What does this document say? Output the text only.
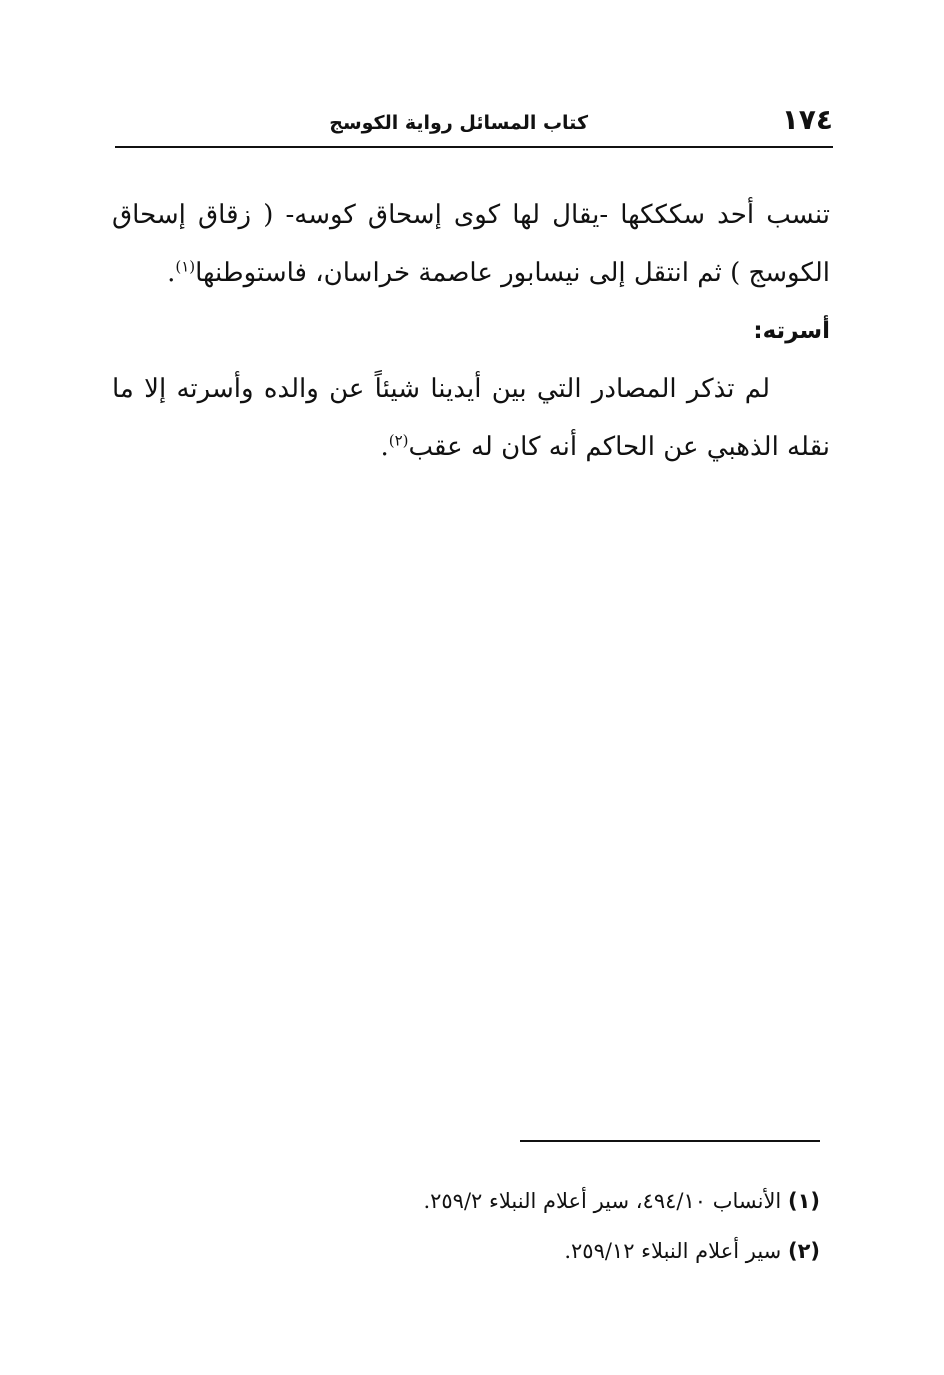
١٧٤
كتاب المسائل رواية الكوسج

تنسب أحد سكككها -يقال لها كوى إسحاق كوسه- ( زقاق إسحاق الكوسج ) ثم انتقل إلى نيسابور عاصمة خراسان، فاستوطنها$^{(١)}$.

أسرته:

لم تذكر المصادر التي بين أيدينا شيئاً عن والده وأسرته إلا ما نقله الذهبي عن الحاكم أنه كان له عقب$^{(٢)}$.

(١) الأنساب ٤٩٤/١٠، سير أعلام النبلاء ٢٥٩/٢.

(٢) سير أعلام النبلاء ٢٥٩/١٢.
